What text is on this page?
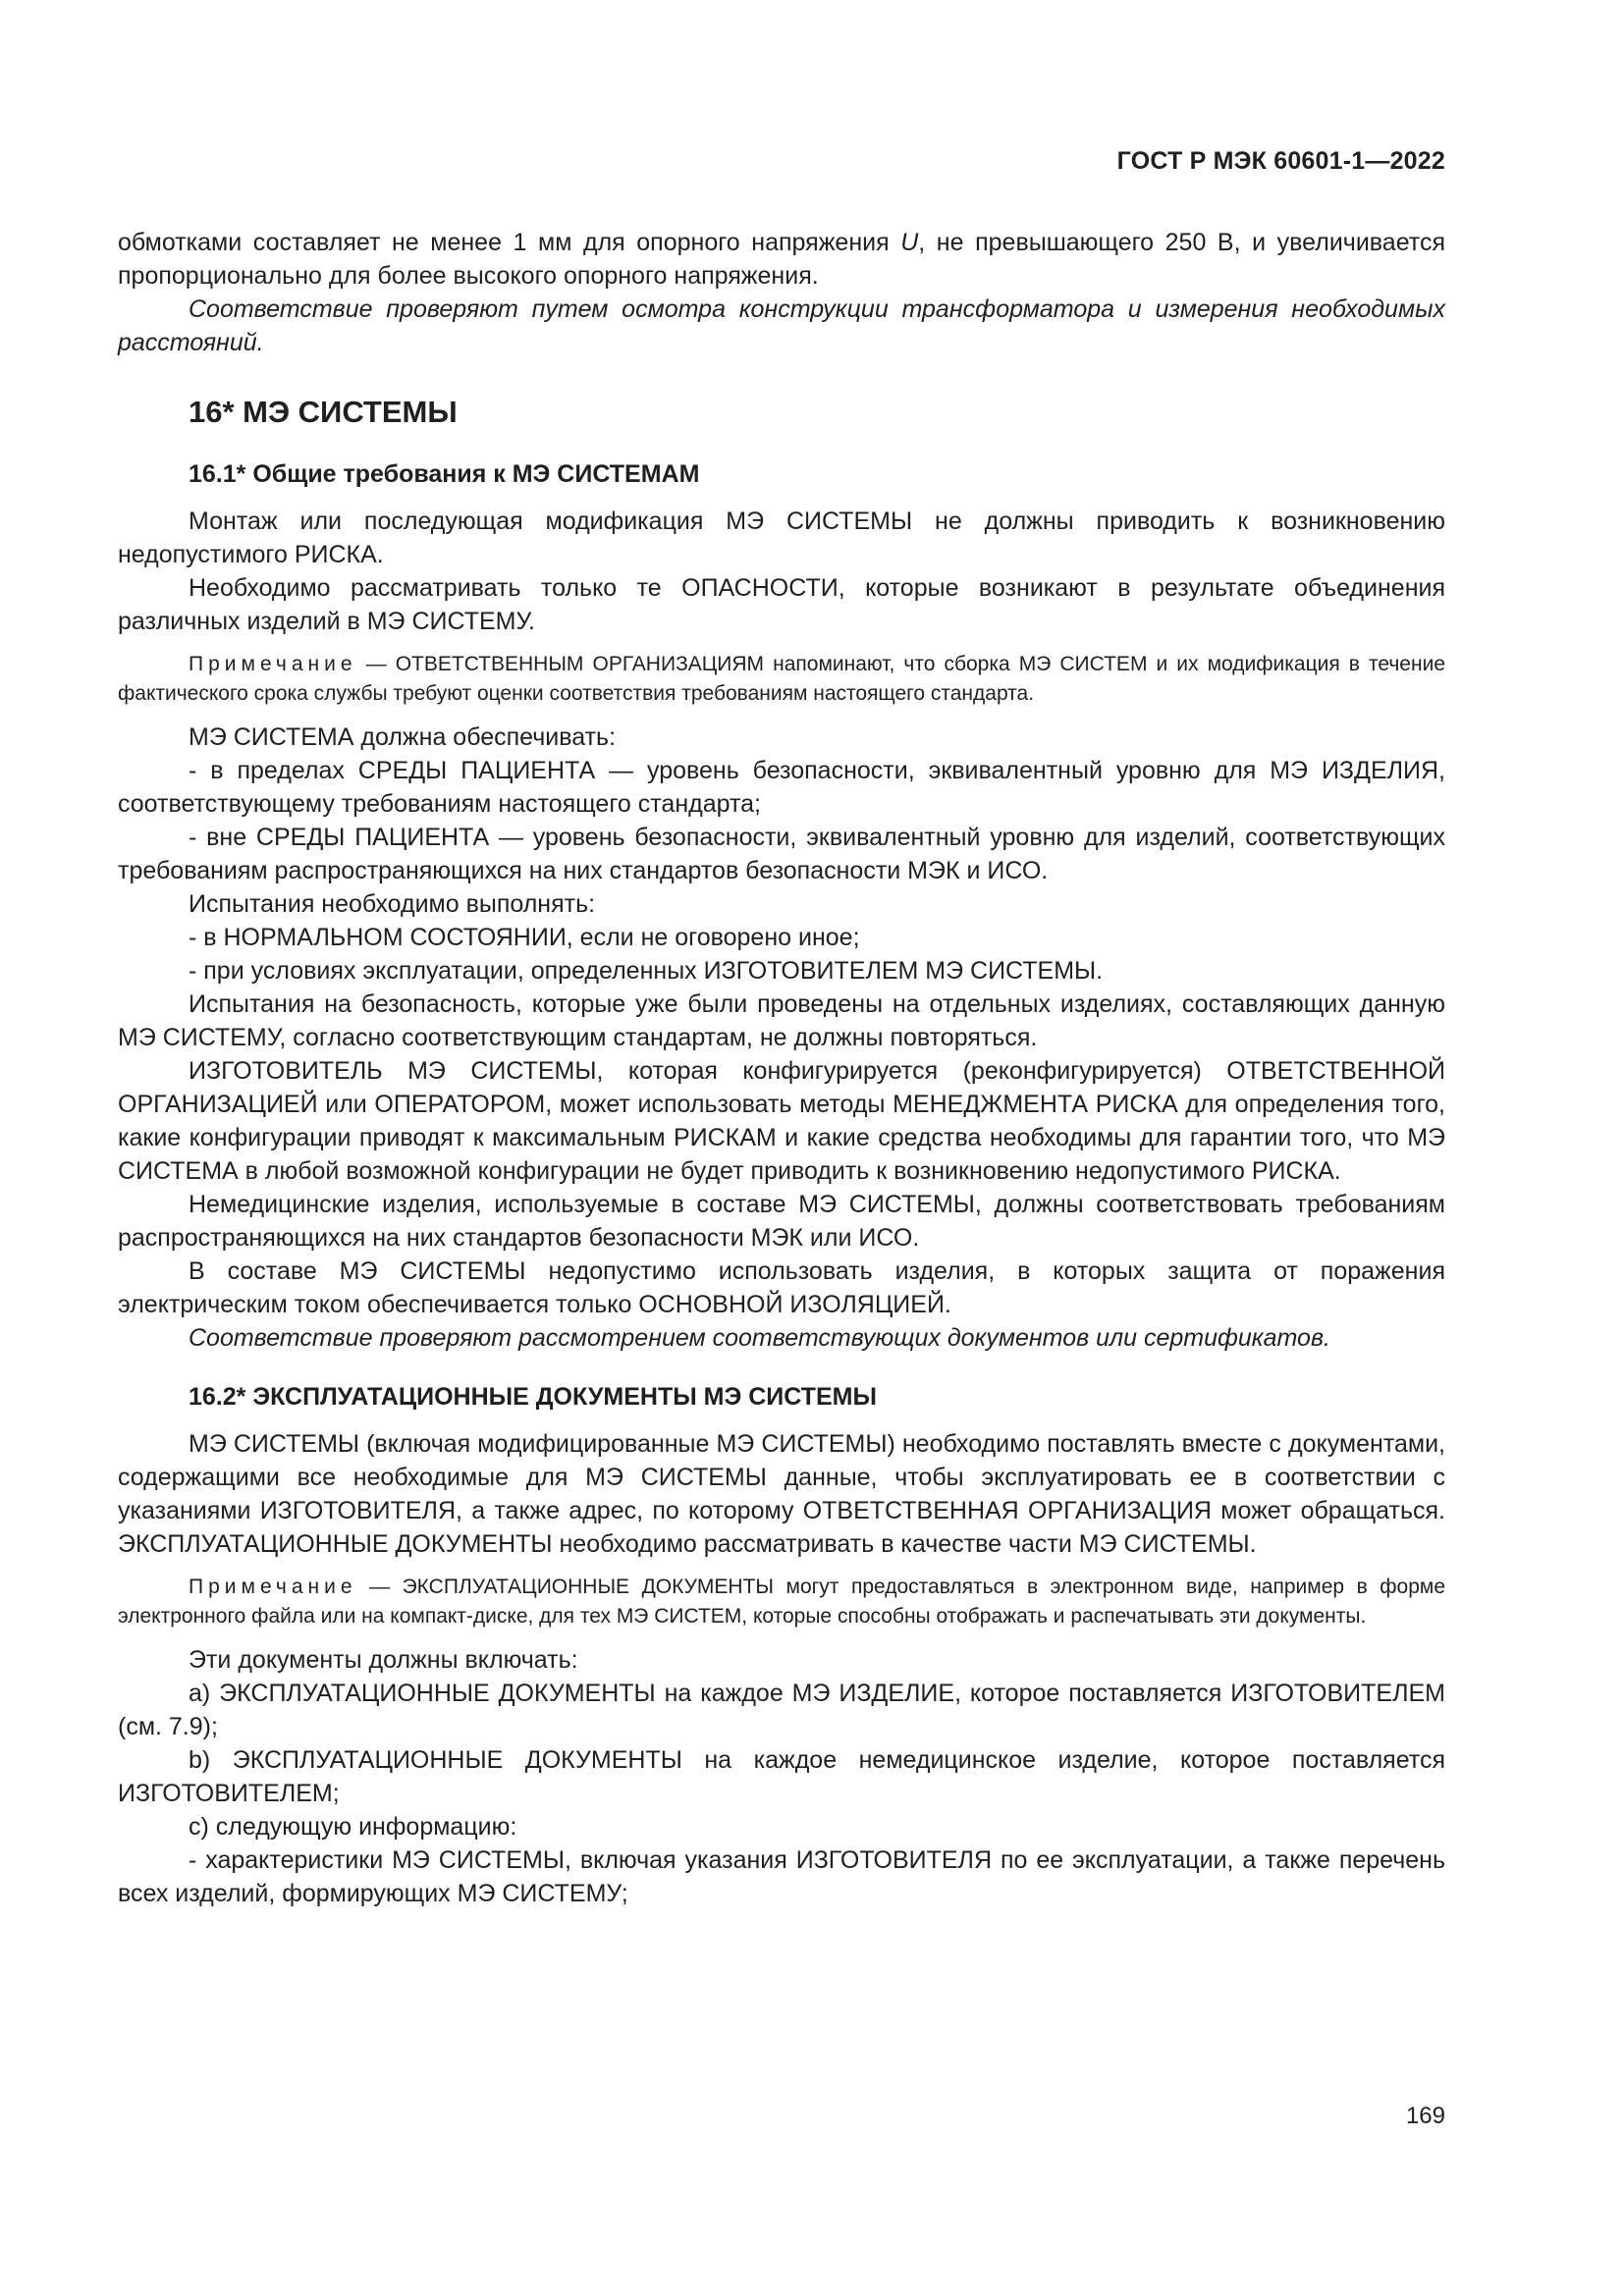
ГОСТ Р МЭК 60601-1—2022

обмотками составляет не менее 1 мм для опорного напряжения U, не превышающего 250 В, и увеличивается пропорционально для более высокого опорного напряжения.

Соответствие проверяют путем осмотра конструкции трансформатора и измерения необходимых расстояний.

16* МЭ СИСТЕМЫ
16.1* Общие требования к МЭ СИСТЕМАМ

Монтаж или последующая модификация МЭ СИСТЕМЫ не должны приводить к возникновению недопустимого РИСКА.

Необходимо рассматривать только те ОПАСНОСТИ, которые возникают в результате объединения различных изделий в МЭ СИСТЕМУ.

Примечание — ОТВЕТСТВЕННЫМ ОРГАНИЗАЦИЯМ напоминают, что сборка МЭ СИСТЕМ и их модификация в течение фактического срока службы требуют оценки соответствия требованиям настоящего стандарта.

МЭ СИСТЕМА должна обеспечивать:

- в пределах СРЕДЫ ПАЦИЕНТА — уровень безопасности, эквивалентный уровню для МЭ ИЗДЕЛИЯ, соответствующему требованиям настоящего стандарта;

- вне СРЕДЫ ПАЦИЕНТА — уровень безопасности, эквивалентный уровню для изделий, соответствующих требованиям распространяющихся на них стандартов безопасности МЭК и ИСО.

Испытания необходимо выполнять:

- в НОРМАЛЬНОМ СОСТОЯНИИ, если не оговорено иное;

- при условиях эксплуатации, определенных ИЗГОТОВИТЕЛЕМ МЭ СИСТЕМЫ.

Испытания на безопасность, которые уже были проведены на отдельных изделиях, составляющих данную МЭ СИСТЕМУ, согласно соответствующим стандартам, не должны повторяться.

ИЗГОТОВИТЕЛЬ МЭ СИСТЕМЫ, которая конфигурируется (реконфигурируется) ОТВЕТСТВЕННОЙ ОРГАНИЗАЦИЕЙ или ОПЕРАТОРОМ, может использовать методы МЕНЕДЖМЕНТА РИСКА для определения того, какие конфигурации приводят к максимальным РИСКАМ и какие средства необходимы для гарантии того, что МЭ СИСТЕМА в любой возможной конфигурации не будет приводить к возникновению недопустимого РИСКА.

Немедицинские изделия, используемые в составе МЭ СИСТЕМЫ, должны соответствовать требованиям распространяющихся на них стандартов безопасности МЭК или ИСО.

В составе МЭ СИСТЕМЫ недопустимо использовать изделия, в которых защита от поражения электрическим током обеспечивается только ОСНОВНОЙ ИЗОЛЯЦИЕЙ.

Соответствие проверяют рассмотрением соответствующих документов или сертификатов.

16.2* ЭКСПЛУАТАЦИОННЫЕ ДОКУМЕНТЫ МЭ СИСТЕМЫ

МЭ СИСТЕМЫ (включая модифицированные МЭ СИСТЕМЫ) необходимо поставлять вместе с документами, содержащими все необходимые для МЭ СИСТЕМЫ данные, чтобы эксплуатировать ее в соответствии с указаниями ИЗГОТОВИТЕЛЯ, а также адрес, по которому ОТВЕТСТВЕННАЯ ОРГАНИЗАЦИЯ может обращаться. ЭКСПЛУАТАЦИОННЫЕ ДОКУМЕНТЫ необходимо рассматривать в качестве части МЭ СИСТЕМЫ.

Примечание — ЭКСПЛУАТАЦИОННЫЕ ДОКУМЕНТЫ могут предоставляться в электронном виде, например в форме электронного файла или на компакт-диске, для тех МЭ СИСТЕМ, которые способны отображать и распечатывать эти документы.

Эти документы должны включать:

a) ЭКСПЛУАТАЦИОННЫЕ ДОКУМЕНТЫ на каждое МЭ ИЗДЕЛИЕ, которое поставляется ИЗГОТОВИТЕЛЕМ (см. 7.9);

b) ЭКСПЛУАТАЦИОННЫЕ ДОКУМЕНТЫ на каждое немедицинское изделие, которое поставляется ИЗГОТОВИТЕЛЕМ;

c) следующую информацию:

- характеристики МЭ СИСТЕМЫ, включая указания ИЗГОТОВИТЕЛЯ по ее эксплуатации, а также перечень всех изделий, формирующих МЭ СИСТЕМУ;

169
